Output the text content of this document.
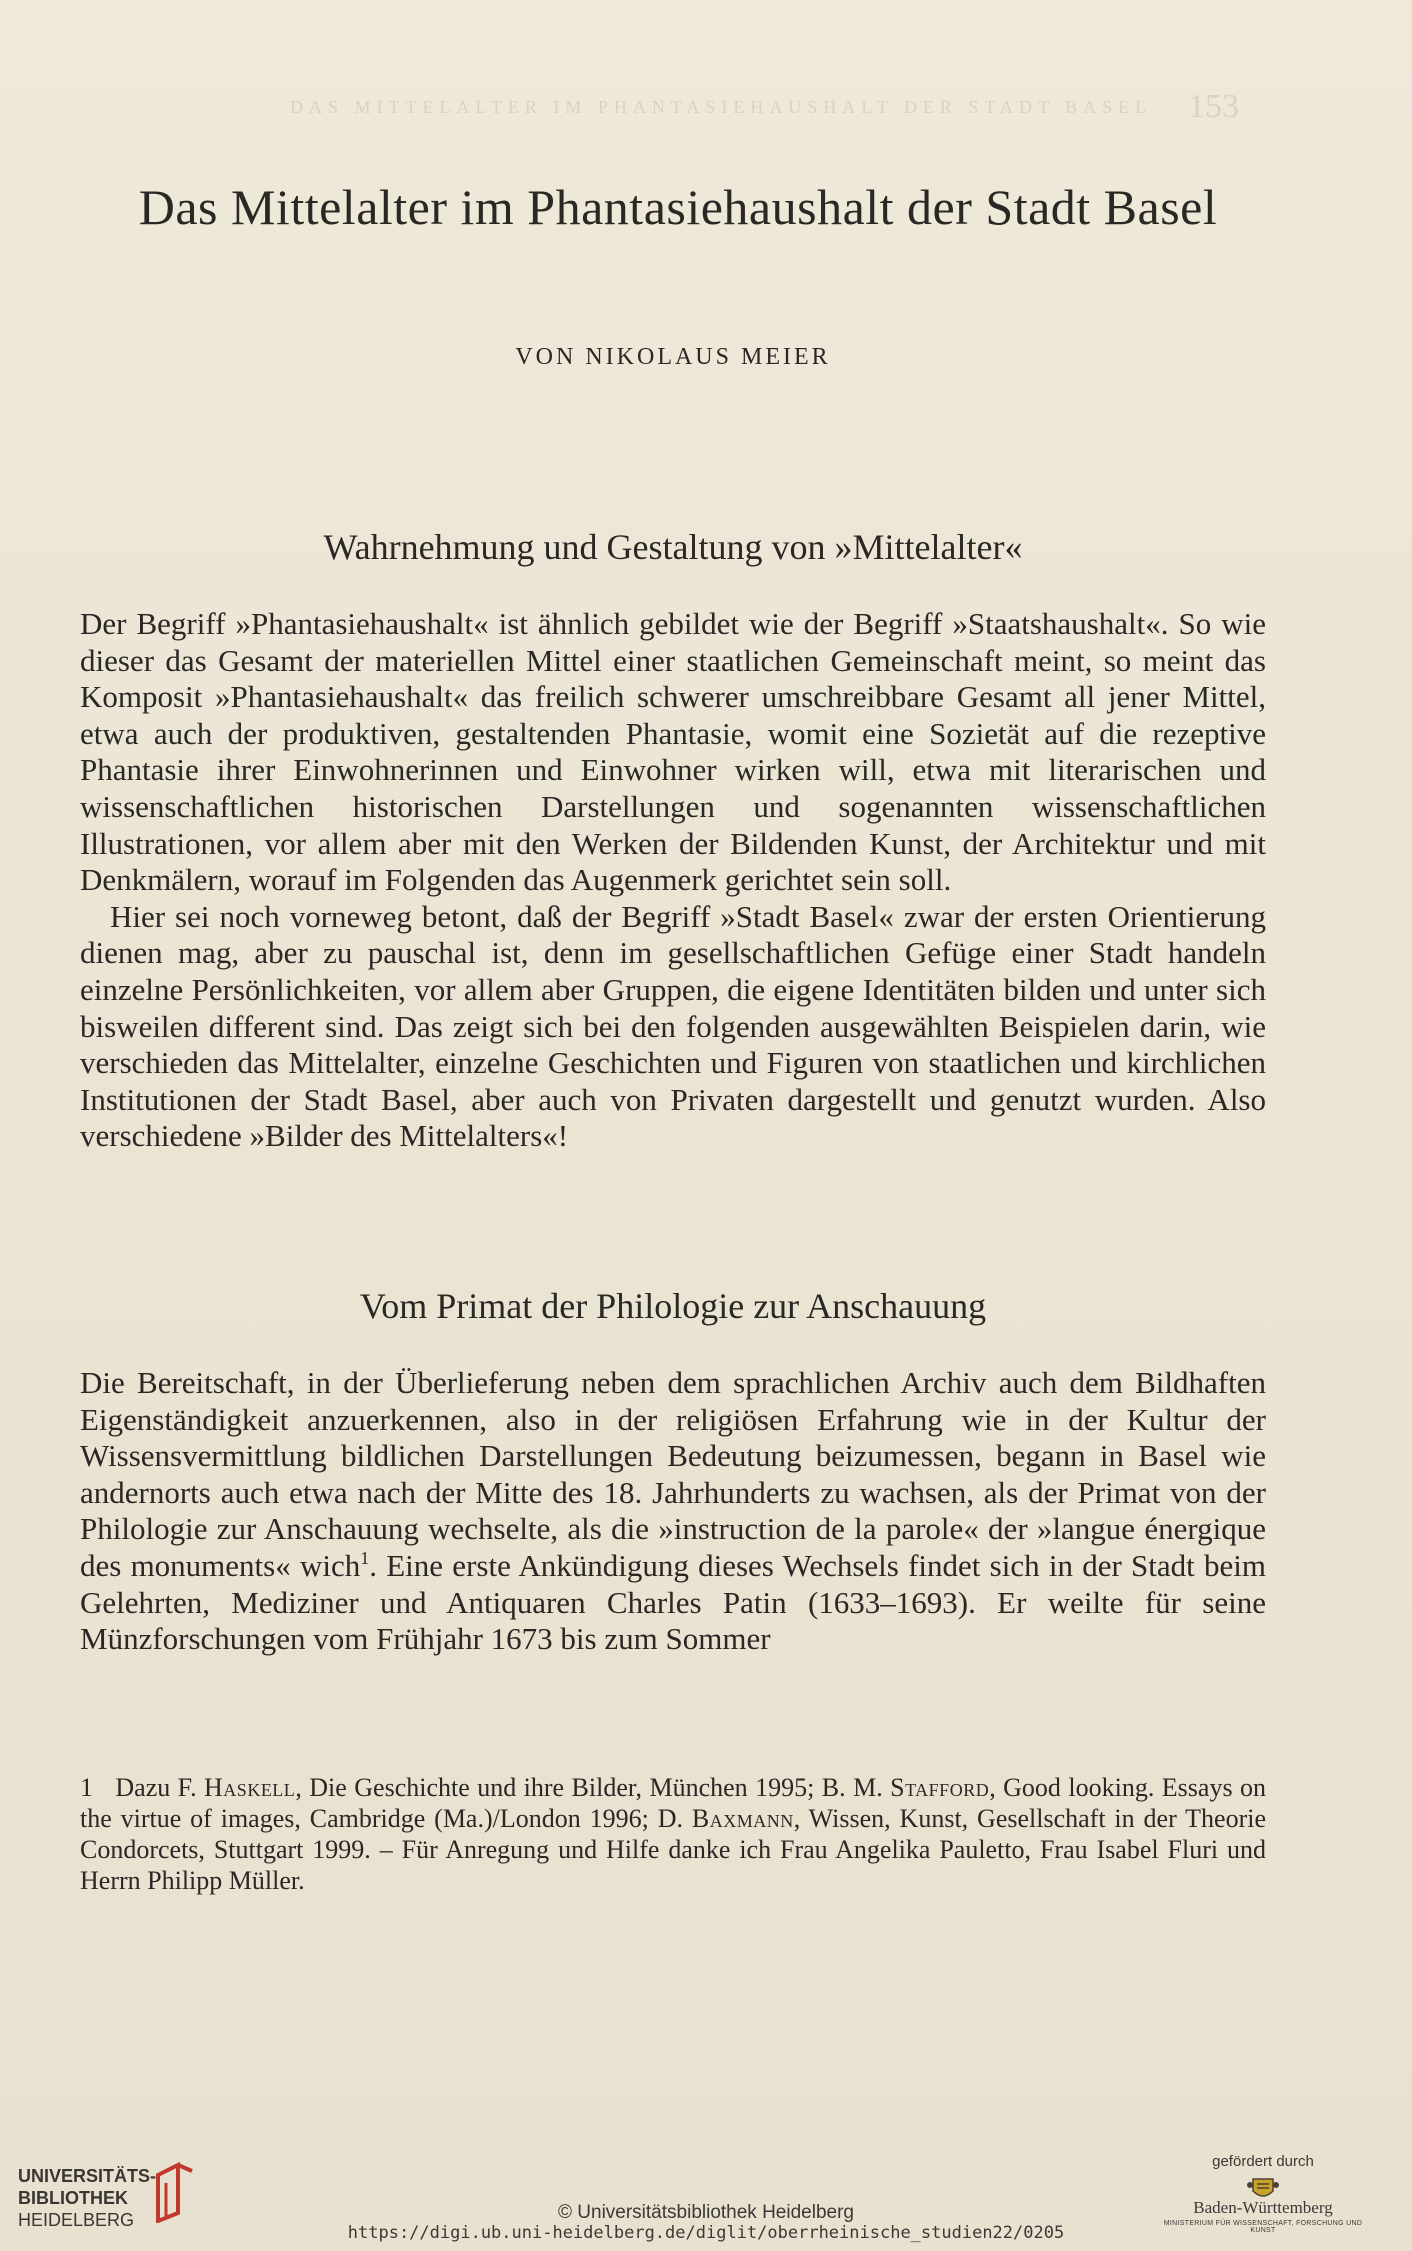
DAS MITTELALTER IM PHANTASIEHAUSHALT DER STADT BASEL 153
Das Mittelalter im Phantasiehaushalt der Stadt Basel
VON NIKOLAUS MEIER
Wahrnehmung und Gestaltung von »Mittelalter«

Der Begriff »Phantasiehaushalt« ist ähnlich gebildet wie der Begriff »Staatshaushalt«. So wie dieser das Gesamt der materiellen Mittel einer staatlichen Gemeinschaft meint, so meint das Komposit »Phantasiehaushalt« das freilich schwerer umschreibbare Gesamt all jener Mittel, etwa auch der produktiven, gestaltenden Phantasie, womit eine Sozietät auf die rezeptive Phantasie ihrer Einwohnerinnen und Einwohner wirken will, etwa mit literarischen und wissenschaftlichen historischen Darstellungen und sogenannten wissenschaftlichen Illustrationen, vor allem aber mit den Werken der Bildenden Kunst, der Architektur und mit Denkmälern, worauf im Folgenden das Augenmerk gerichtet sein soll.

Hier sei noch vorneweg betont, daß der Begriff »Stadt Basel« zwar der ersten Orientierung dienen mag, aber zu pauschal ist, denn im gesellschaftlichen Gefüge einer Stadt handeln einzelne Persönlichkeiten, vor allem aber Gruppen, die eigene Identitäten bilden und unter sich bisweilen different sind. Das zeigt sich bei den folgenden ausgewählten Beispielen darin, wie verschieden das Mittelalter, einzelne Geschichten und Figuren von staatlichen und kirchlichen Institutionen der Stadt Basel, aber auch von Privaten dargestellt und genutzt wurden. Also verschiedene »Bilder des Mittelalters«!

Vom Primat der Philologie zur Anschauung

Die Bereitschaft, in der Überlieferung neben dem sprachlichen Archiv auch dem Bildhaften Eigenständigkeit anzuerkennen, also in der religiösen Erfahrung wie in der Kultur der Wissensvermittlung bildlichen Darstellungen Bedeutung beizumessen, begann in Basel wie andernorts auch etwa nach der Mitte des 18. Jahrhunderts zu wachsen, als der Primat von der Philologie zur Anschauung wechselte, als die »instruction de la parole« der »langue énergique des monuments« wich$^1$. Eine erste Ankündigung dieses Wechsels findet sich in der Stadt beim Gelehrten, Mediziner und Antiquaren Charles Patin (1633–1693). Er weilte für seine Münzforschungen vom Frühjahr 1673 bis zum Sommer

1 Dazu F. Haskell, Die Geschichte und ihre Bilder, München 1995; B. M. Stafford, Good looking. Essays on the virtue of images, Cambridge (Ma.)/London 1996; D. Baxmann, Wissen, Kunst, Gesellschaft in der Theorie Condorcets, Stuttgart 1999. – Für Anregung und Hilfe danke ich Frau Angelika Pauletto, Frau Isabel Fluri und Herrn Philipp Müller.
UNIVERSITÄTS-
BIBLIOTHEK
HEIDELBERG	© Universitätsbibliothek Heidelberg
https://digi.ub.uni-heidelberg.de/diglit/oberrheinische_studien22/0205
gefördert durch
Baden-Württemberg
MINISTERIUM FÜR WISSENSCHAFT, FORSCHUNG UND KUNST
